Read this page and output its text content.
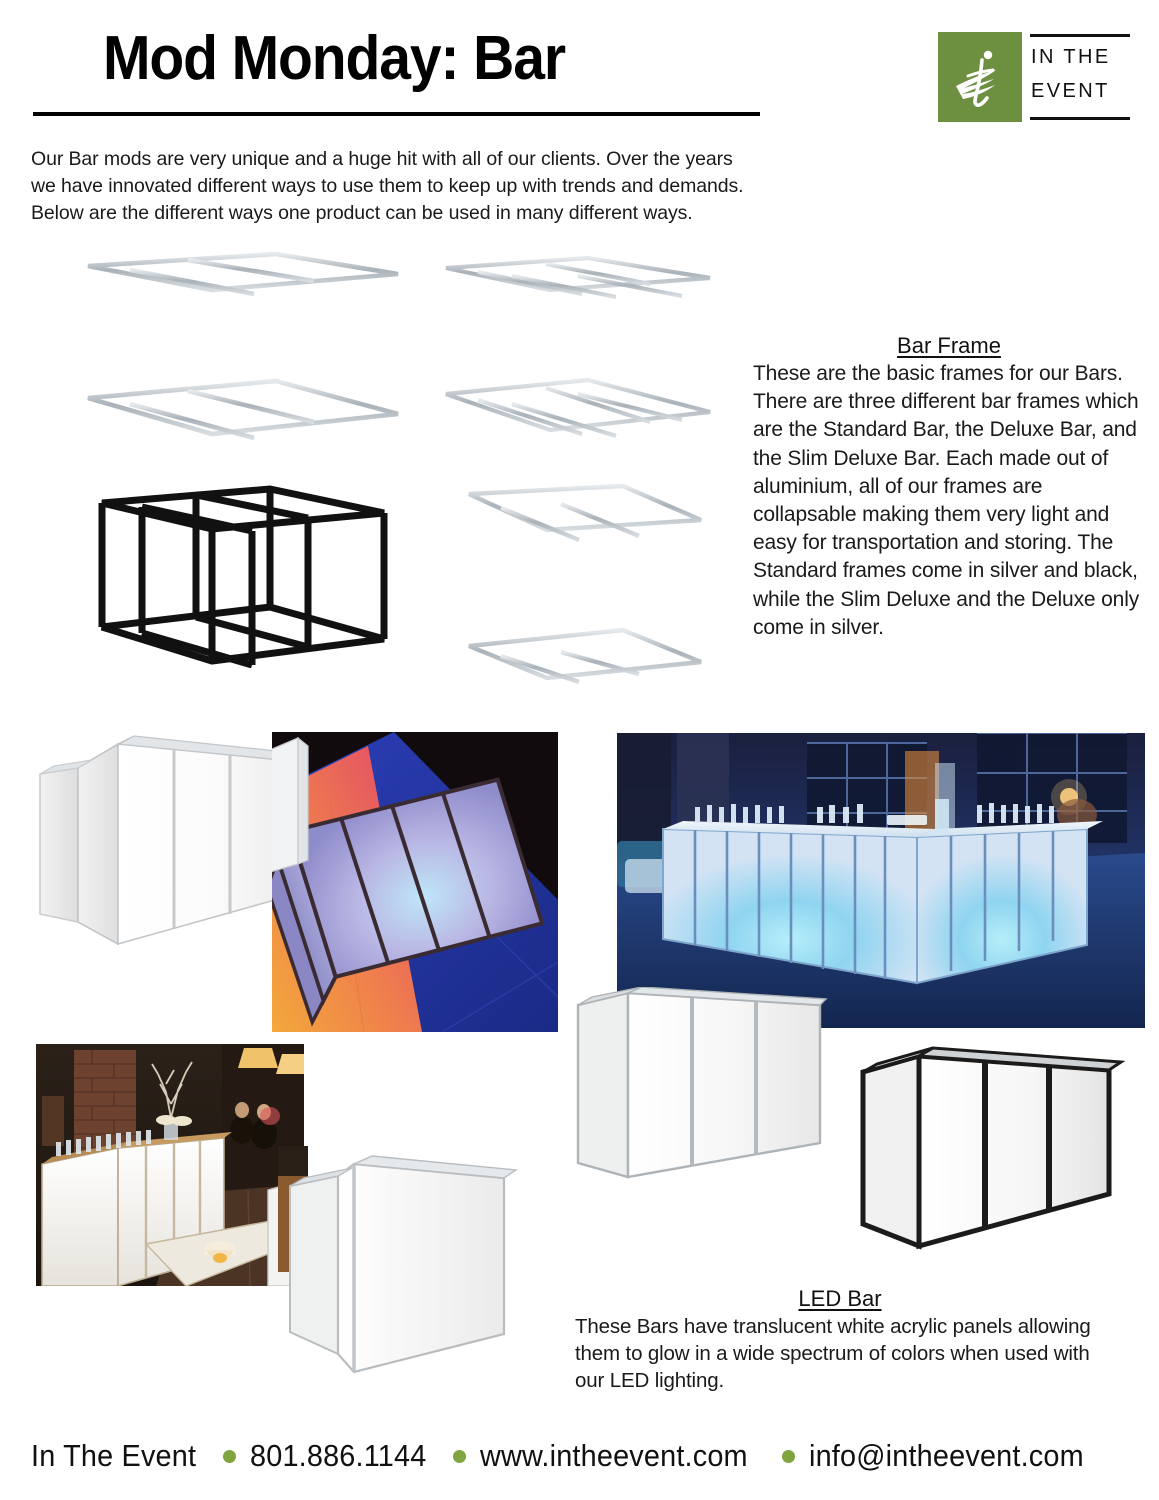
Mod Monday: Bar	IN THE
EVENT

Our Bar mods are very unique and a huge hit with all of our clients. Over the years

we have innovated different ways to use them to keep up with trends and demands.

Below are the different ways one product can be used in many different ways.

Bar Frame
These are the basic frames for our Bars. There are three different bar frames which are the Standard Bar, the Deluxe Bar, and the Slim Deluxe Bar. Each made out of aluminium, all of our frames are collapsable making them very light and easy for transportation and storing. The Standard frames come in silver and black, while the Slim Deluxe and the Deluxe only come in silver.
LED Bar
These Bars have translucent white acrylic panels allowing them to glow in a wide spectrum of colors when used with our LED lighting.
In The Event 801.886.1144 www.intheevent.com info@intheevent.com
